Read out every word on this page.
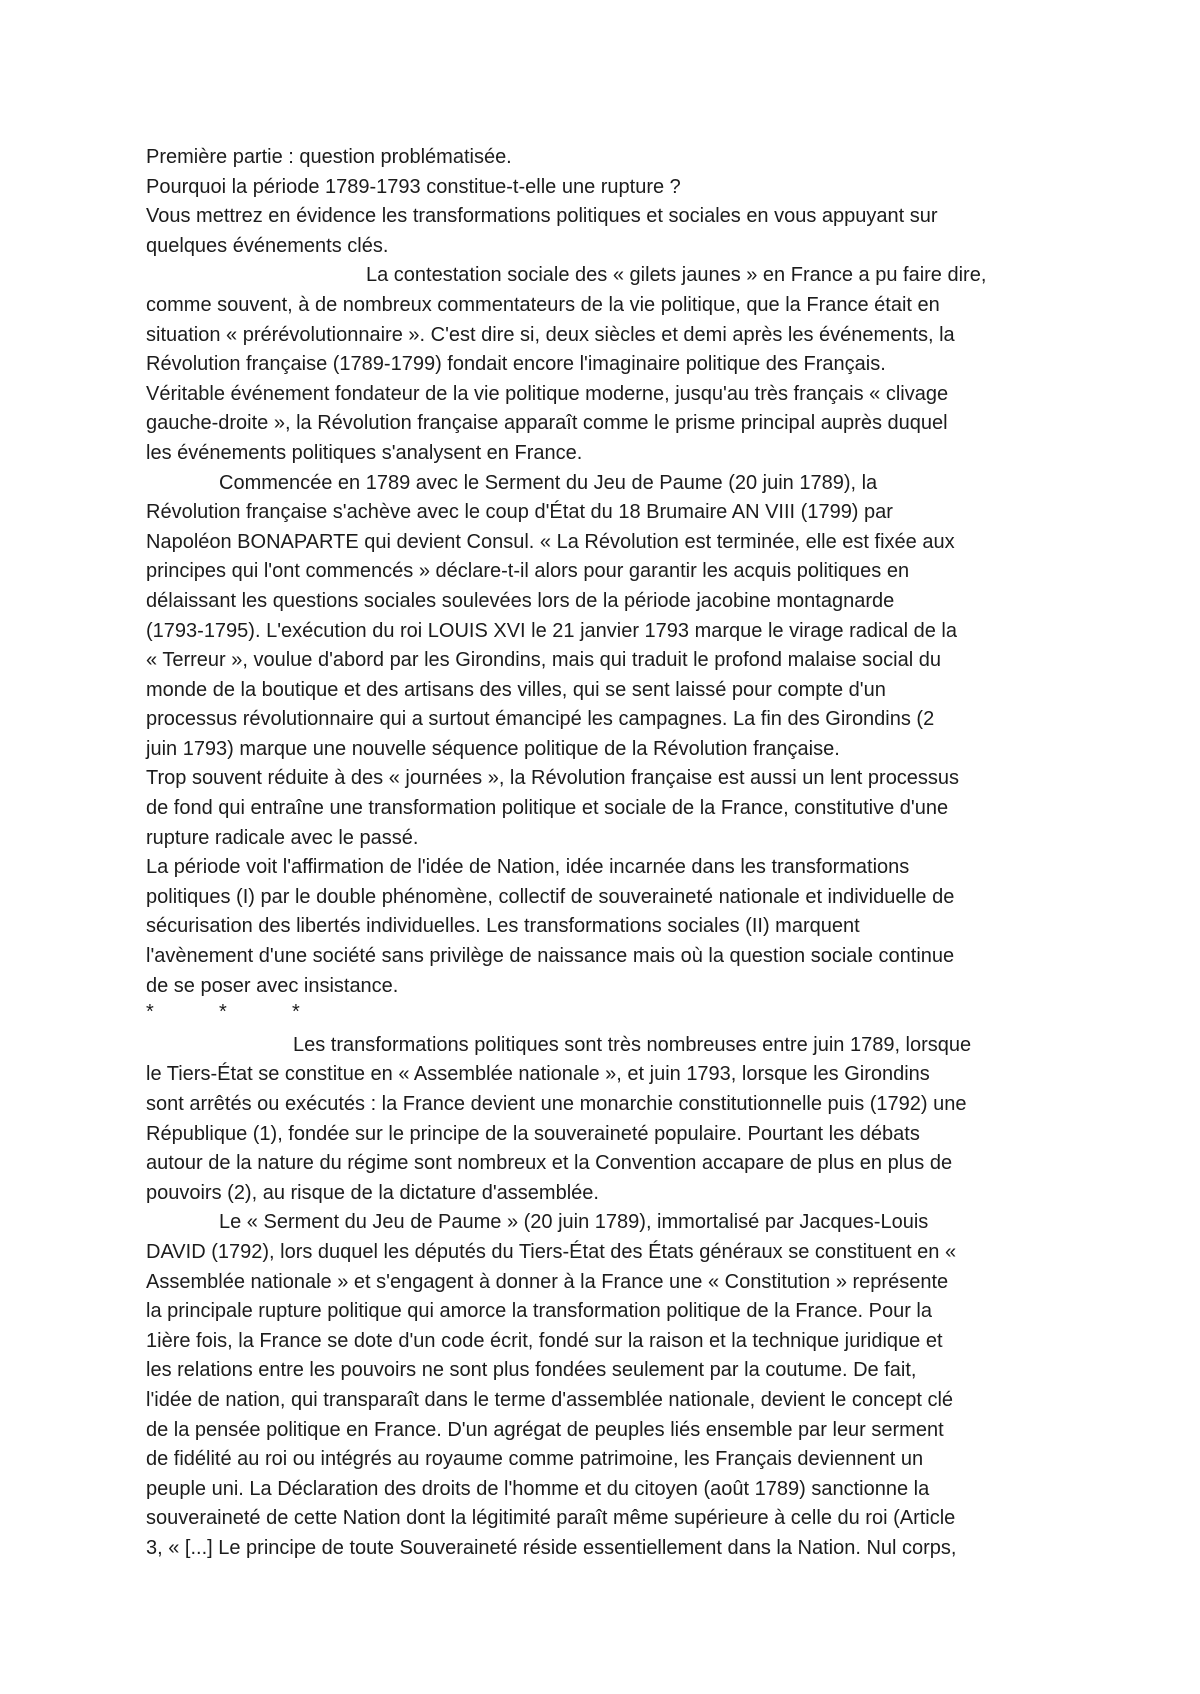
Première partie : question problématisée.

Pourquoi la période 1789-1793 constitue-t-elle une rupture ?

Vous mettrez en évidence les transformations politiques et sociales en vous appuyant sur
quelques événements clés.

La contestation sociale des « gilets jaunes » en France a pu faire dire,
comme souvent, à de nombreux commentateurs de la vie politique, que la France était en
situation « prérévolutionnaire ». C'est dire si, deux siècles et demi après les événements, la
Révolution française (1789-1799) fondait encore l'imaginaire politique des Français.
Véritable événement fondateur de la vie politique moderne, jusqu'au très français « clivage
gauche-droite », la Révolution française apparaît comme le prisme principal auprès duquel
les événements politiques s'analysent en France.

Commencée en 1789 avec le Serment du Jeu de Paume (20 juin 1789), la
Révolution française s'achève avec le coup d'État du 18 Brumaire AN VIII (1799) par
Napoléon BONAPARTE qui devient Consul. « La Révolution est terminée, elle est fixée aux
principes qui l'ont commencés » déclare-t-il alors pour garantir les acquis politiques en
délaissant les questions sociales soulevées lors de la période jacobine montagnarde
(1793-1795). L'exécution du roi LOUIS XVI le 21 janvier 1793 marque le virage radical de la
« Terreur », voulue d'abord par les Girondins, mais qui traduit le profond malaise social du
monde de la boutique et des artisans des villes, qui se sent laissé pour compte d'un
processus révolutionnaire qui a surtout émancipé les campagnes. La fin des Girondins (2
juin 1793) marque une nouvelle séquence politique de la Révolution française.

Trop souvent réduite à des « journées », la Révolution française est aussi un lent processus
de fond qui entraîne une transformation politique et sociale de la France, constitutive d'une
rupture radicale avec le passé.

La période voit l'affirmation de l'idée de Nation, idée incarnée dans les transformations
politiques (I) par le double phénomène, collectif de souveraineté nationale et individuelle de
sécurisation des libertés individuelles. Les transformations sociales (II) marquent
l'avènement d'une société sans privilège de naissance mais où la question sociale continue
de se poser avec insistance.

*	*	*

Les transformations politiques sont très nombreuses entre juin 1789, lorsque
le Tiers-État se constitue en « Assemblée nationale », et juin 1793, lorsque les Girondins
sont arrêtés ou exécutés : la France devient une monarchie constitutionnelle puis (1792) une
République (1), fondée sur le principe de la souveraineté populaire. Pourtant les débats
autour de la nature du régime sont nombreux et la Convention accapare de plus en plus de
pouvoirs (2), au risque de la dictature d'assemblée.

Le « Serment du Jeu de Paume » (20 juin 1789), immortalisé par Jacques-Louis
DAVID (1792), lors duquel les députés du Tiers-État des États généraux se constituent en «
Assemblée nationale » et s'engagent à donner à la France une « Constitution » représente
la principale rupture politique qui amorce la transformation politique de la France. Pour la
1ière fois, la France se dote d'un code écrit, fondé sur la raison et la technique juridique et
les relations entre les pouvoirs ne sont plus fondées seulement par la coutume. De fait,
l'idée de nation, qui transparaît dans le terme d'assemblée nationale, devient le concept clé
de la pensée politique en France. D'un agrégat de peuples liés ensemble par leur serment
de fidélité au roi ou intégrés au royaume comme patrimoine, les Français deviennent un
peuple uni. La Déclaration des droits de l'homme et du citoyen (août 1789) sanctionne la
souveraineté de cette Nation dont la légitimité paraît même supérieure à celle du roi (Article
3, « [...] Le principe de toute Souveraineté réside essentiellement dans la Nation. Nul corps,
